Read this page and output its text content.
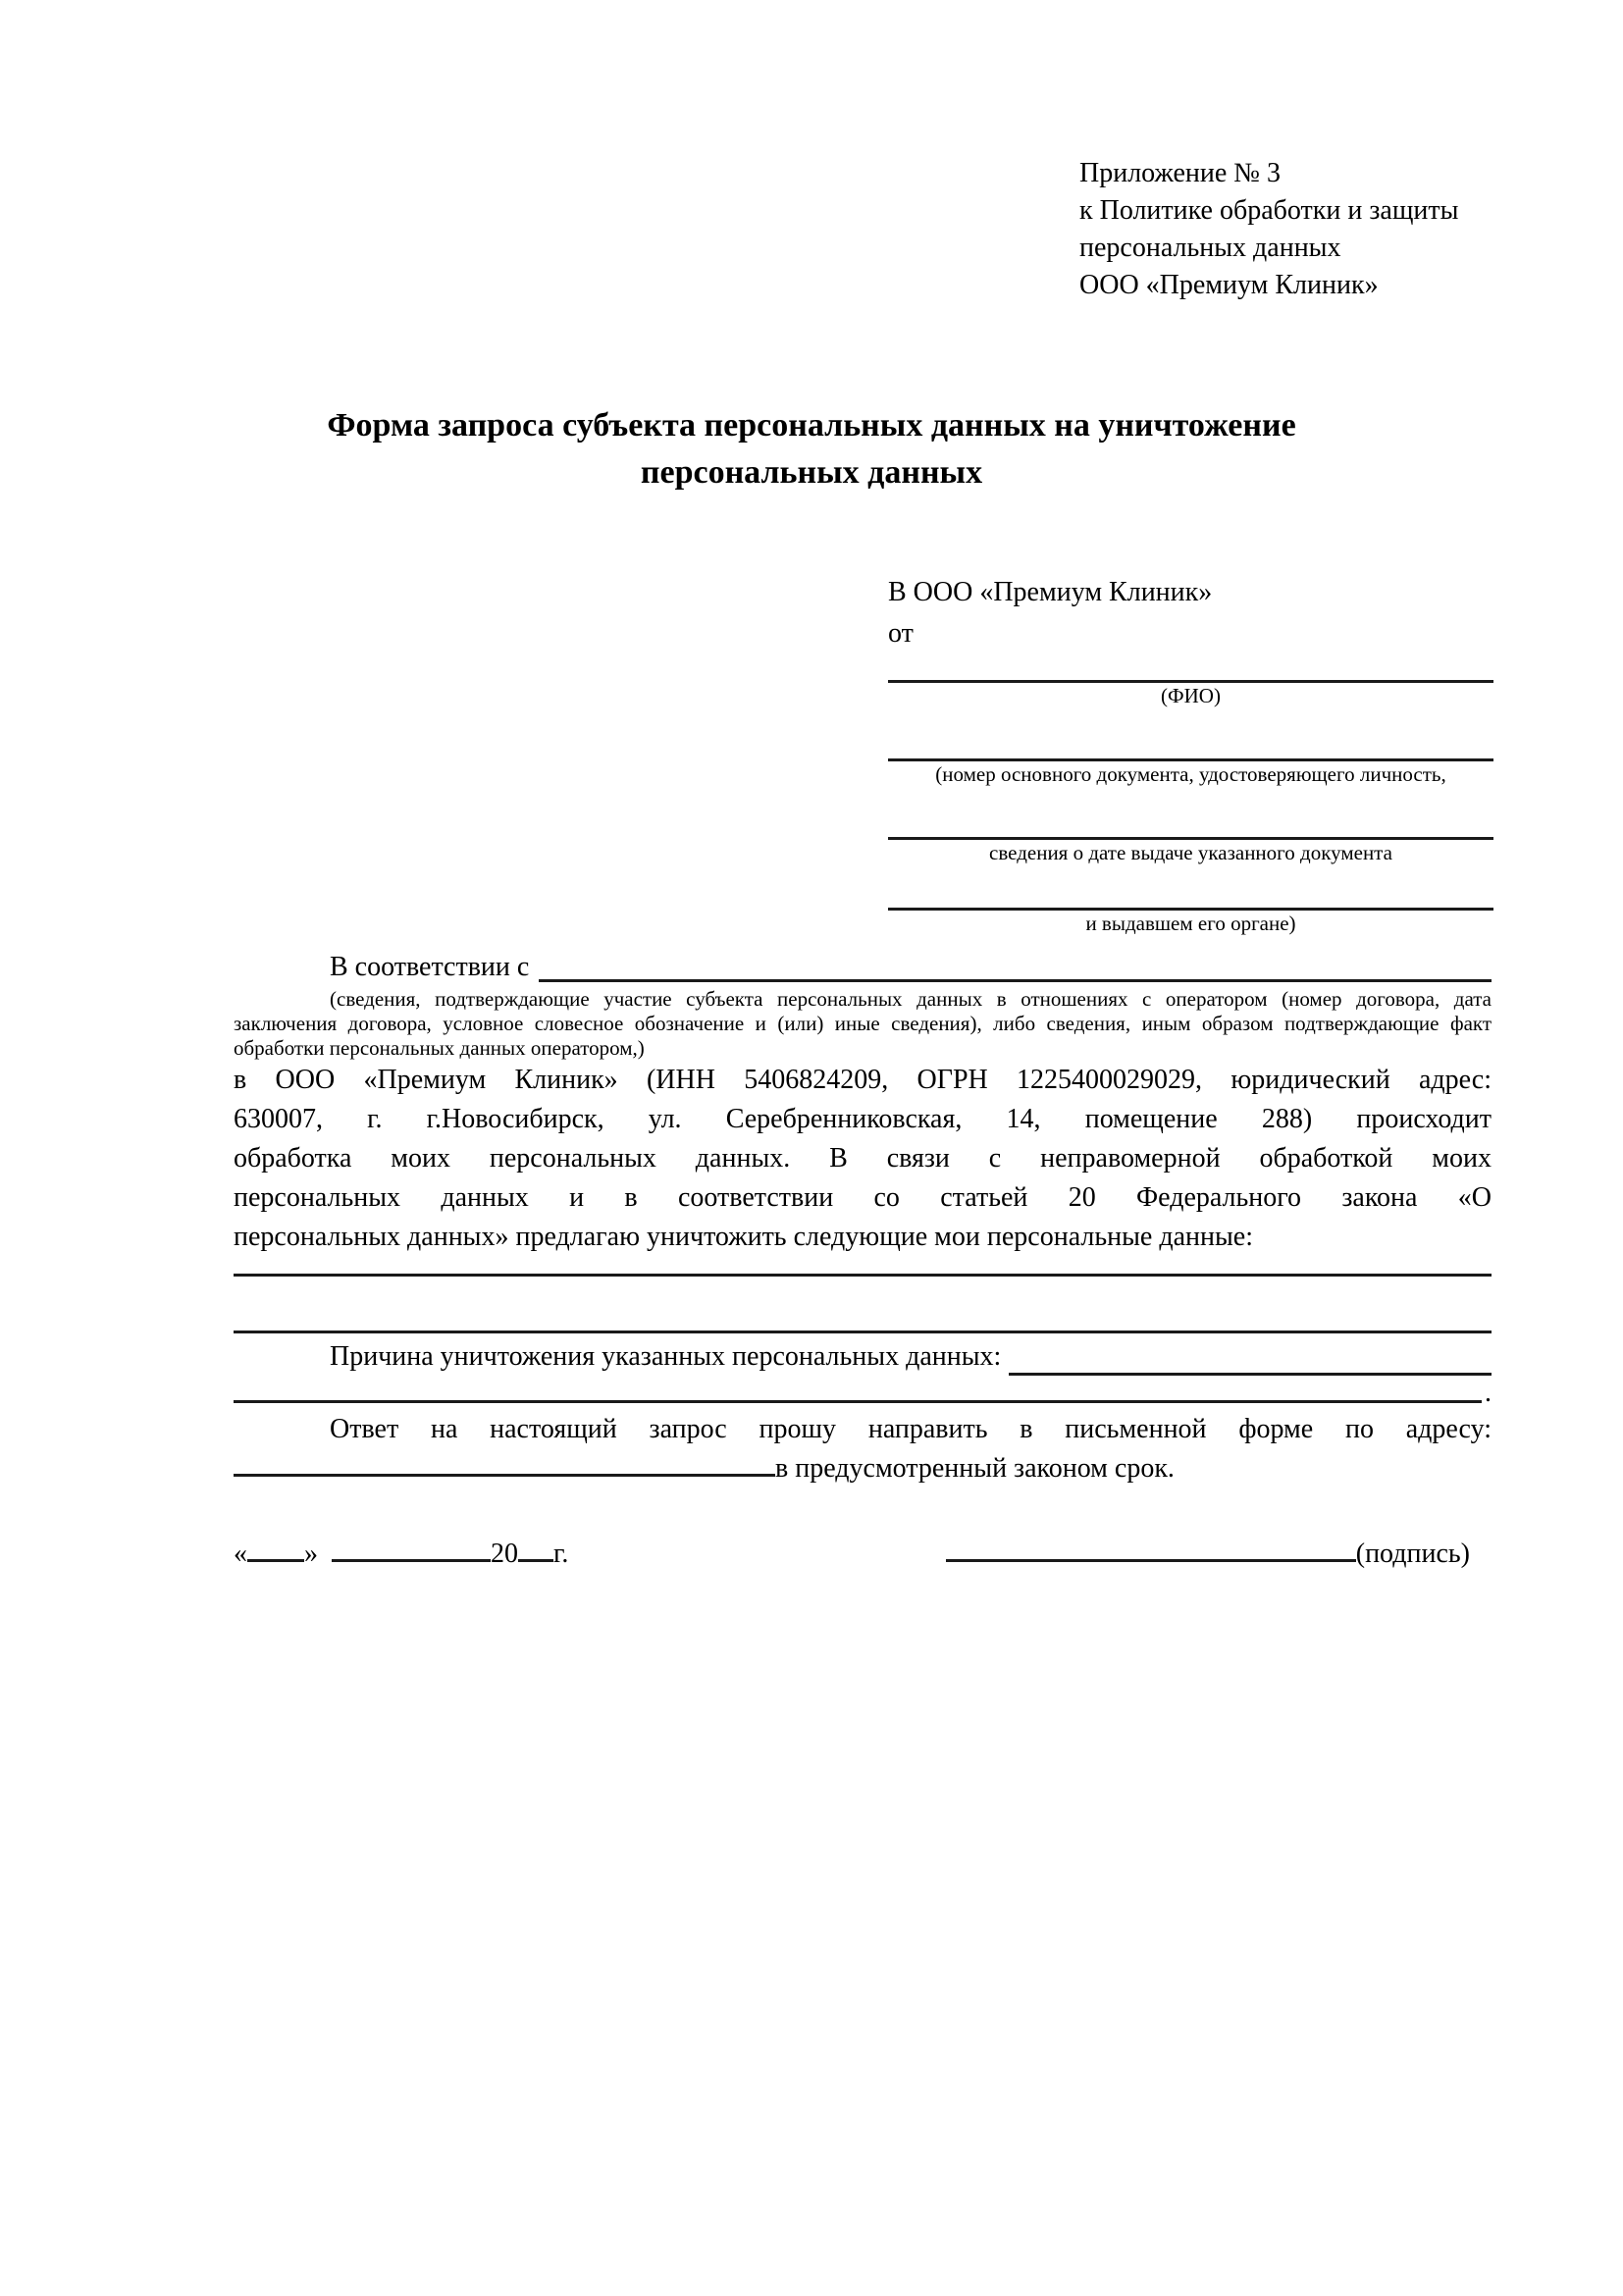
Приложение № 3
к Политике обработки и защиты
персональных данных
ООО «Премиум Клиник»
Форма запроса субъекта персональных данных на уничтожение
персональных данных
В ООО «Премиум Клиник»
от
(ФИО)
(номер основного документа, удостоверяющего личность,
сведения о дате выдаче указанного документа
и выдавшем его органе)
В соответствии с
(сведения, подтверждающие участие субъекта персональных данных в отношениях с оператором (номер договора, дата
заключения договора, условное словесное обозначение и (или) иные сведения), либо сведения, иным образом подтверждающие факт
обработки персональных данных оператором,)
в ООО «Премиум Клиник» (ИНН 5406824209, ОГРН 1225400029029, юридический адрес:
630007, г. г.Новосибирск, ул. Серебренниковская, 14, помещение 288) происходит
обработка моих персональных данных. В связи с неправомерной обработкой моих
персональных данных и в соответствии со статьей 20 Федерального закона «О
персональных данных» предлагаю уничтожить следующие мои персональные данные:
Причина уничтожения указанных персональных данных:
.
Ответ на настоящий запрос прошу направить в письменной форме по адресу:
в предусмотренный законом срок.
« »	20 г.	(подпись)
